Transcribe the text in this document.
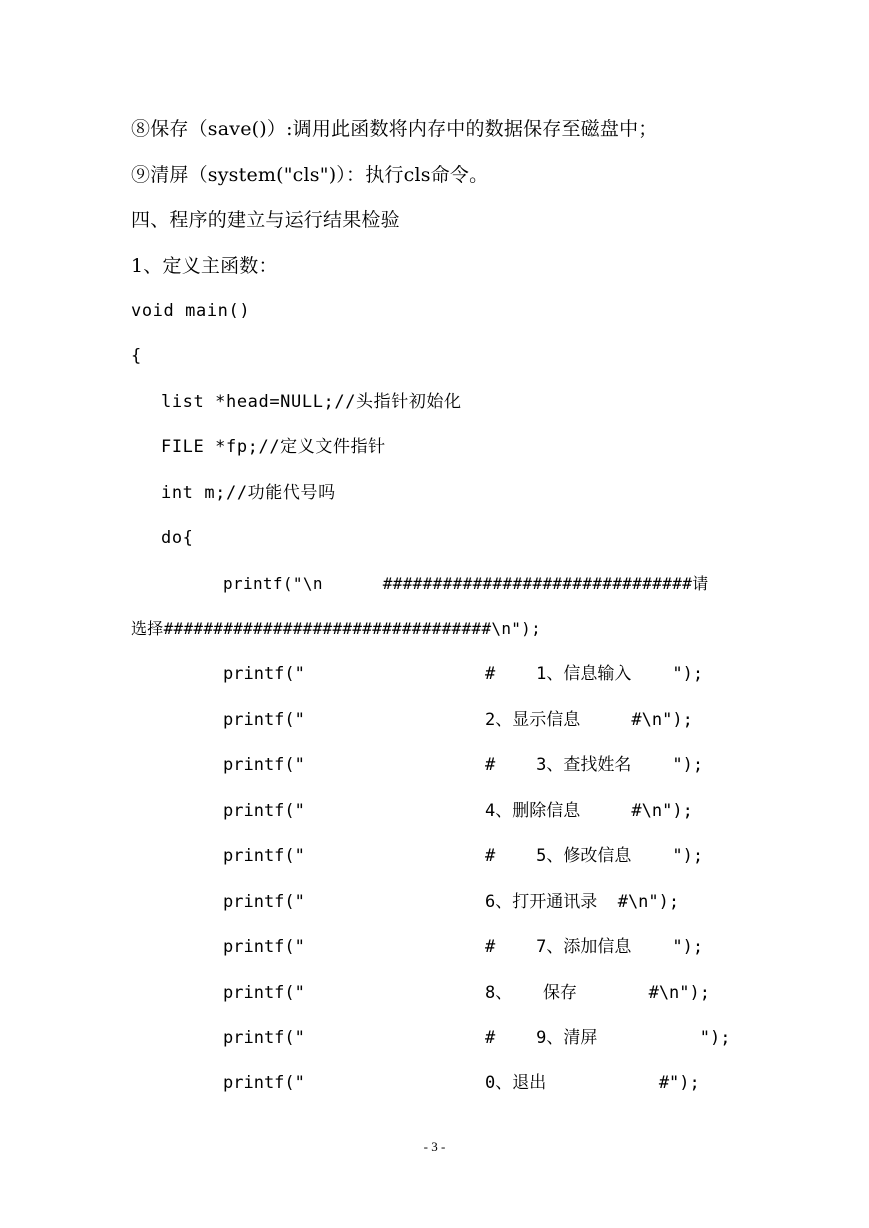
⑧保存（save()）:调用此函数将内存中的数据保存至磁盘中；
⑨清屏（system("cls")）：执行cls命令。
四、程序的建立与运行结果检验
1、定义主函数：
void main()
{
list *head=NULL;//头指针初始化
FILE *fp;//定义文件指针
int m;//功能代号吗
do{
printf("\n      ###############################请
选择#################################\n");
printf("	#    1、信息输入    ");
printf("	2、显示信息     #\n");
printf("	#    3、查找姓名    ");
printf("	4、删除信息     #\n");
printf("	#    5、修改信息    ");
printf("	6、打开通讯录  #\n");
printf("	#    7、添加信息    ");
printf("	8、   保存       #\n");
printf("	#    9、清屏          ");
printf("	0、退出           #");
- 3 -
